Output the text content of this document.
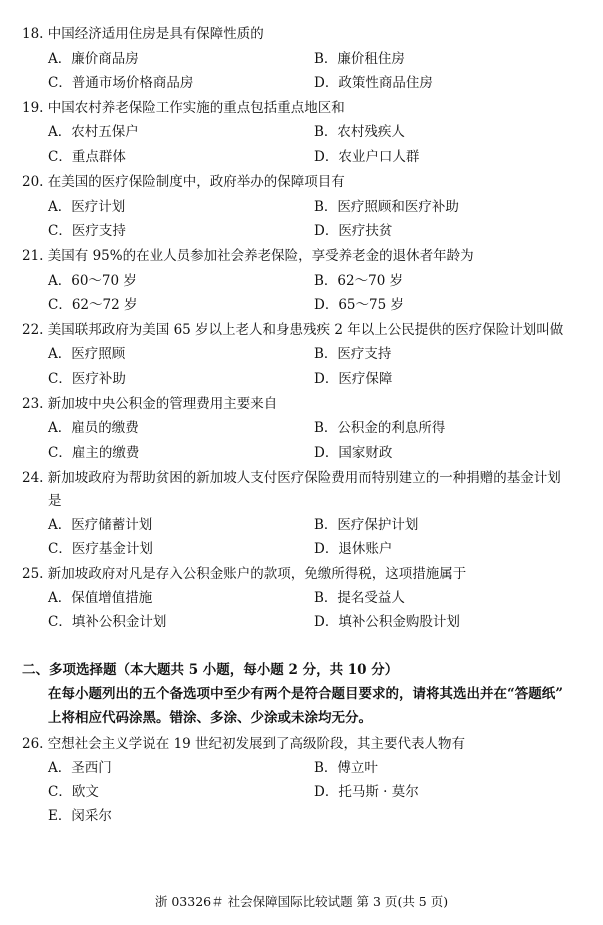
18. 中国经济适用住房是具有保障性质的
A．廉价商品房	B．廉价租住房
C．普通市场价格商品房	D．政策性商品住房
19. 中国农村养老保险工作实施的重点包括重点地区和
A．农村五保户	B．农村残疾人
C．重点群体	D．农业户口人群
20. 在美国的医疗保险制度中，政府举办的保障项目有
A．医疗计划	B．医疗照顾和医疗补助
C．医疗支持	D．医疗扶贫
21. 美国有 95%的在业人员参加社会养老保险，享受养老金的退休者年龄为
A．60～70 岁	B．62～70 岁
C．62～72 岁	D．65～75 岁
22. 美国联邦政府为美国 65 岁以上老人和身患残疾 2 年以上公民提供的医疗保险计划叫做
A．医疗照顾	B．医疗支持
C．医疗补助	D．医疗保障
23. 新加坡中央公积金的管理费用主要来自
A．雇员的缴费	B．公积金的利息所得
C．雇主的缴费	D．国家财政
24. 新加坡政府为帮助贫困的新加坡人支付医疗保险费用而特别建立的一种捐赠的基金计划
是
A．医疗储蓄计划	B．医疗保护计划
C．医疗基金计划	D．退休账户
25. 新加坡政府对凡是存入公积金账户的款项，免缴所得税，这项措施属于
A．保值增值措施	B．提名受益人
C．填补公积金计划	D．填补公积金购股计划
二、多项选择题（本大题共 5 小题，每小题 2 分，共 10 分）
在每小题列出的五个备选项中至少有两个是符合题目要求的，请将其选出并在“答题纸”
上将相应代码涂黑。错涂、多涂、少涂或未涂均无分。
26. 空想社会主义学说在 19 世纪初发展到了高级阶段，其主要代表人物有
A．圣西门	B．傅立叶
C．欧文	D．托马斯 · 莫尔
E．闵采尔
浙 03326＃ 社会保障国际比较试题 第 3 页(共 5 页)
